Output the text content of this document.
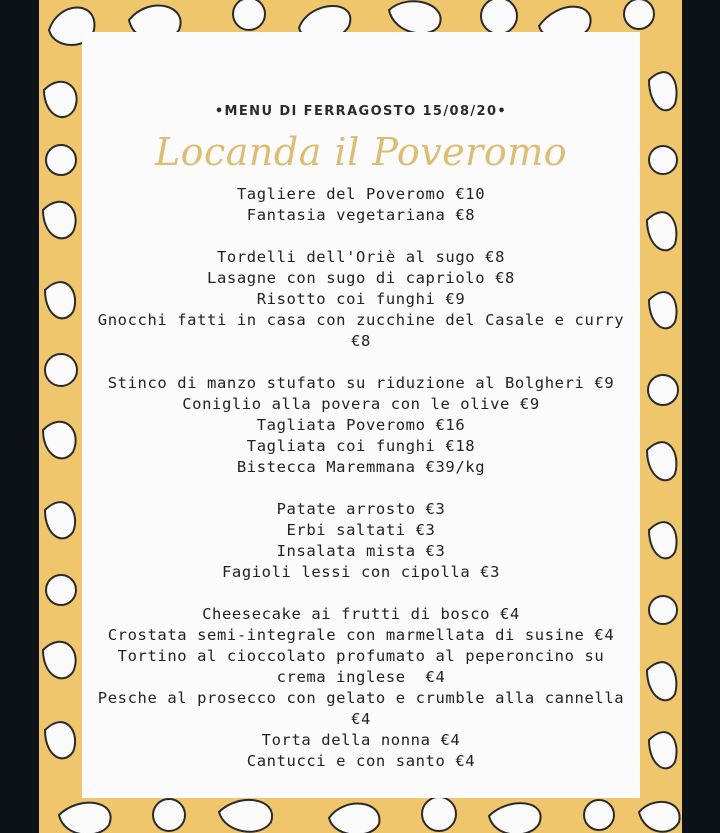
•MENU DI FERRAGOSTO 15/08/20•
Locanda il Poveromo
Tagliere del Poveromo €10
Fantasia vegetariana €8
Tordelli dell'Oriè al sugo €8
Lasagne con sugo di capriolo €8
Risotto coi funghi €9
Gnocchi fatti in casa con zucchine del Casale e curry
€8
Stinco di manzo stufato su riduzione al Bolgheri €9
Coniglio alla povera con le olive €9
Tagliata Poveromo €16
Tagliata coi funghi €18
Bistecca Maremmana €39/kg
Patate arrosto €3
Erbi saltati €3
Insalata mista €3
Fagioli lessi con cipolla €3
Cheesecake ai frutti di bosco €4
Crostata semi-integrale con marmellata di susine €4
Tortino al cioccolato profumato al peperoncino su
crema inglese  €4
Pesche al prosecco con gelato e crumble alla cannella
€4
Torta della nonna €4
Cantucci e con santo €4
